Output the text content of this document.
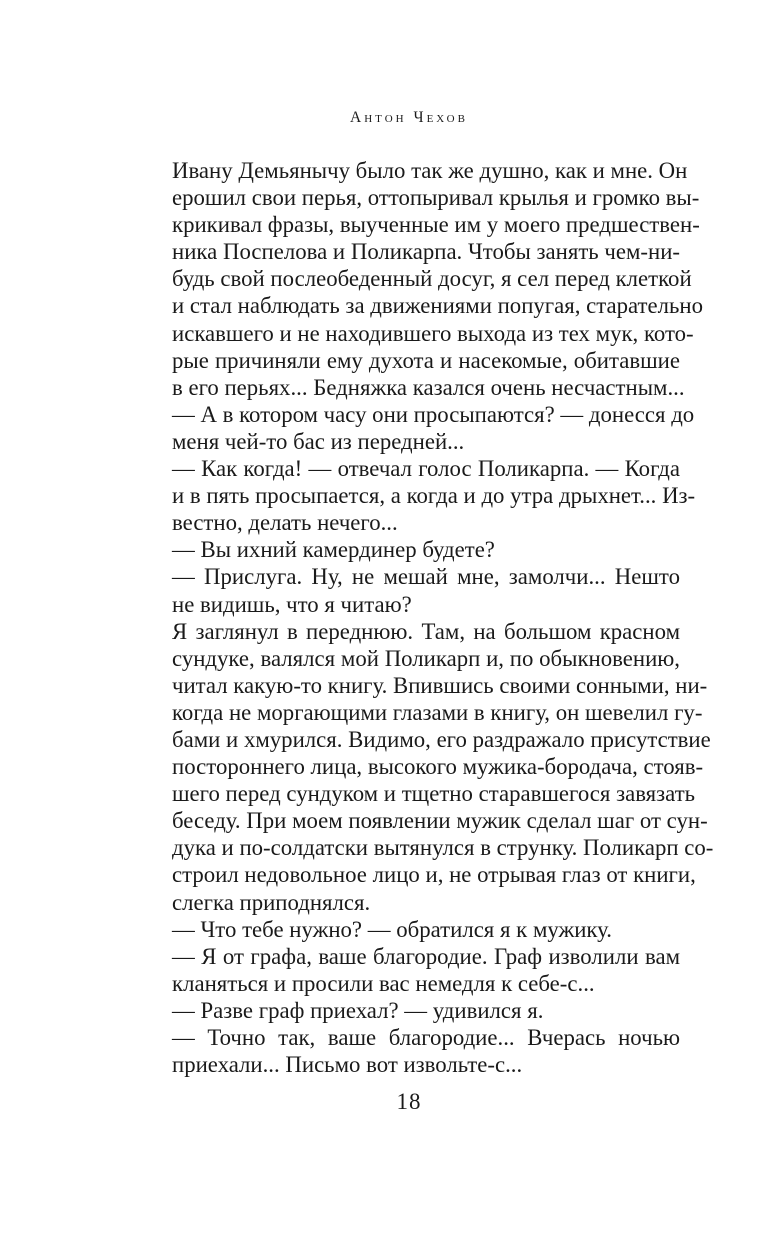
Антон Чехов

Ивану Демьянычу было так же душно, как и мне. Он
ерошил свои перья, оттопыривал крылья и громко вы-
крикивал фразы, выученные им у моего предшествен-
ника Поспелова и Поликарпа. Чтобы занять чем-ни-
будь свой послеобеденный досуг, я сел перед клеткой
и стал наблюдать за движениями попугая, старательно
искавшего и не находившего выхода из тех мук, кото-
рые причиняли ему духота и насекомые, обитавшие
в его перьях... Бедняжка казался очень несчастным...

— А в котором часу они просыпаются? — донесся до
меня чей-то бас из передней...

— Как когда! — отвечал голос Поликарпа. — Когда
и в пять просыпается, а когда и до утра дрыхнет... Из-
вестно, делать нечего...

— Вы ихний камердинер будете?

— Прислуга. Ну, не мешай мне, замолчи... Нешто
не видишь, что я читаю?

Я заглянул в переднюю. Там, на большом красном
сундуке, валялся мой Поликарп и, по обыкновению,
читал какую-то книгу. Впившись своими сонными, ни-
когда не моргающими глазами в книгу, он шевелил гу-
бами и хмурился. Видимо, его раздражало присутствие
постороннего лица, высокого мужика-бородача, стояв-
шего перед сундуком и тщетно старавшегося завязать
беседу. При моем появлении мужик сделал шаг от сун-
дука и по-солдатски вытянулся в струнку. Поликарп со-
строил недовольное лицо и, не отрывая глаз от книги,
слегка приподнялся.

— Что тебе нужно? — обратился я к мужику.

— Я от графа, ваше благородие. Граф изволили вам
кланяться и просили вас немедля к себе-с...

— Разве граф приехал? — удивился я.

— Точно так, ваше благородие... Вчерась ночью
приехали... Письмо вот извольте-с...

18
